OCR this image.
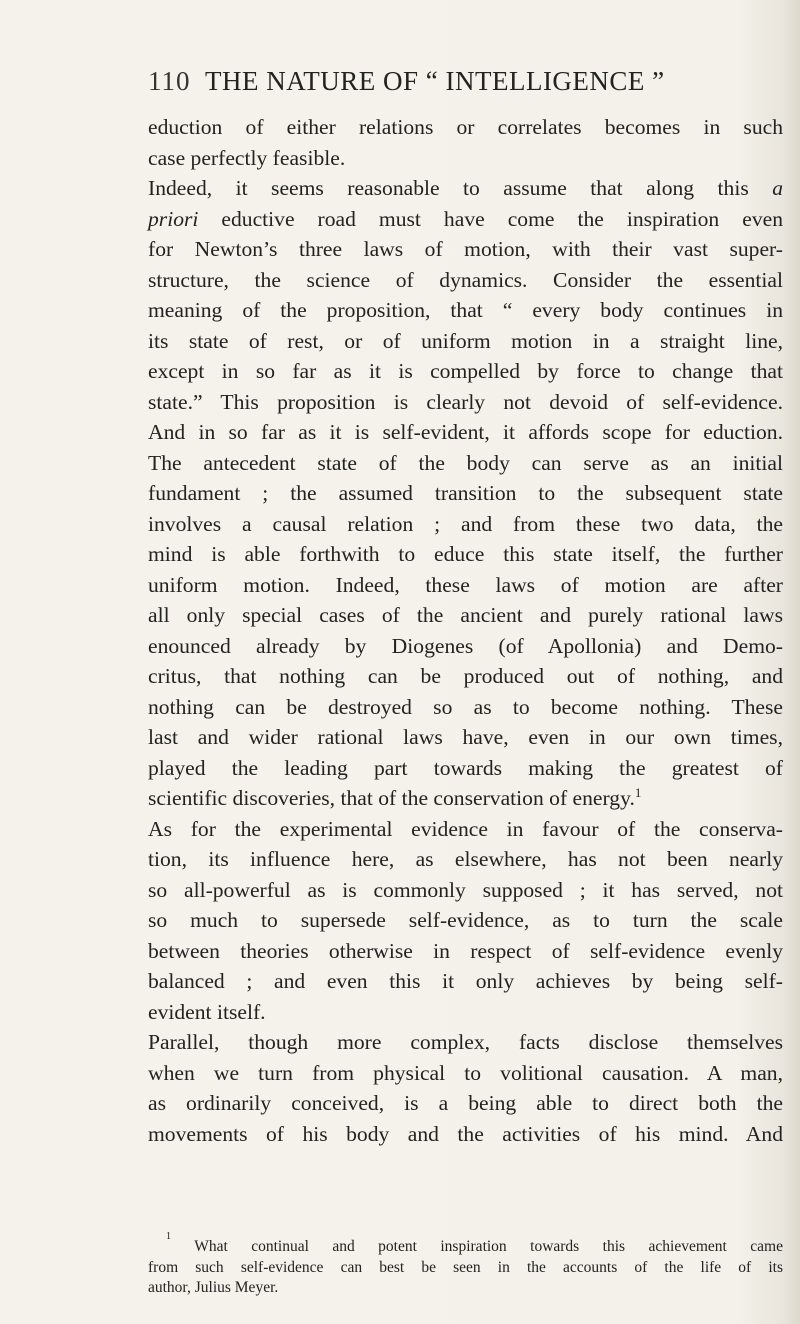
110 THE NATURE OF “ INTELLIGENCE ”
eduction of either relations or correlates becomes in such
case perfectly feasible.
Indeed, it seems reasonable to assume that along this a
priori eductive road must have come the inspiration even
for Newton’s three laws of motion, with their vast super-
structure, the science of dynamics. Consider the essential
meaning of the proposition, that “ every body continues in
its state of rest, or of uniform motion in a straight line,
except in so far as it is compelled by force to change that
state.” This proposition is clearly not devoid of self-evidence.
And in so far as it is self-evident, it affords scope for eduction.
The antecedent state of the body can serve as an initial
fundament ; the assumed transition to the subsequent state
involves a causal relation ; and from these two data, the
mind is able forthwith to educe this state itself, the further
uniform motion. Indeed, these laws of motion are after
all only special cases of the ancient and purely rational laws
enounced already by Diogenes (of Apollonia) and Demo-
critus, that nothing can be produced out of nothing, and
nothing can be destroyed so as to become nothing. These
last and wider rational laws have, even in our own times,
played the leading part towards making the greatest of
scientific discoveries, that of the conservation of energy.$^1$
As for the experimental evidence in favour of the conserva-
tion, its influence here, as elsewhere, has not been nearly
so all-powerful as is commonly supposed ; it has served, not
so much to supersede self-evidence, as to turn the scale
between theories otherwise in respect of self-evidence evenly
balanced ; and even this it only achieves by being self-
evident itself.
Parallel, though more complex, facts disclose themselves
when we turn from physical to volitional causation. A man,
as ordinarily conceived, is a being able to direct both the
movements of his body and the activities of his mind. And
$^1$ What continual and potent inspiration towards this achievement came
from such self-evidence can best be seen in the accounts of the life of its
author, Julius Meyer.
